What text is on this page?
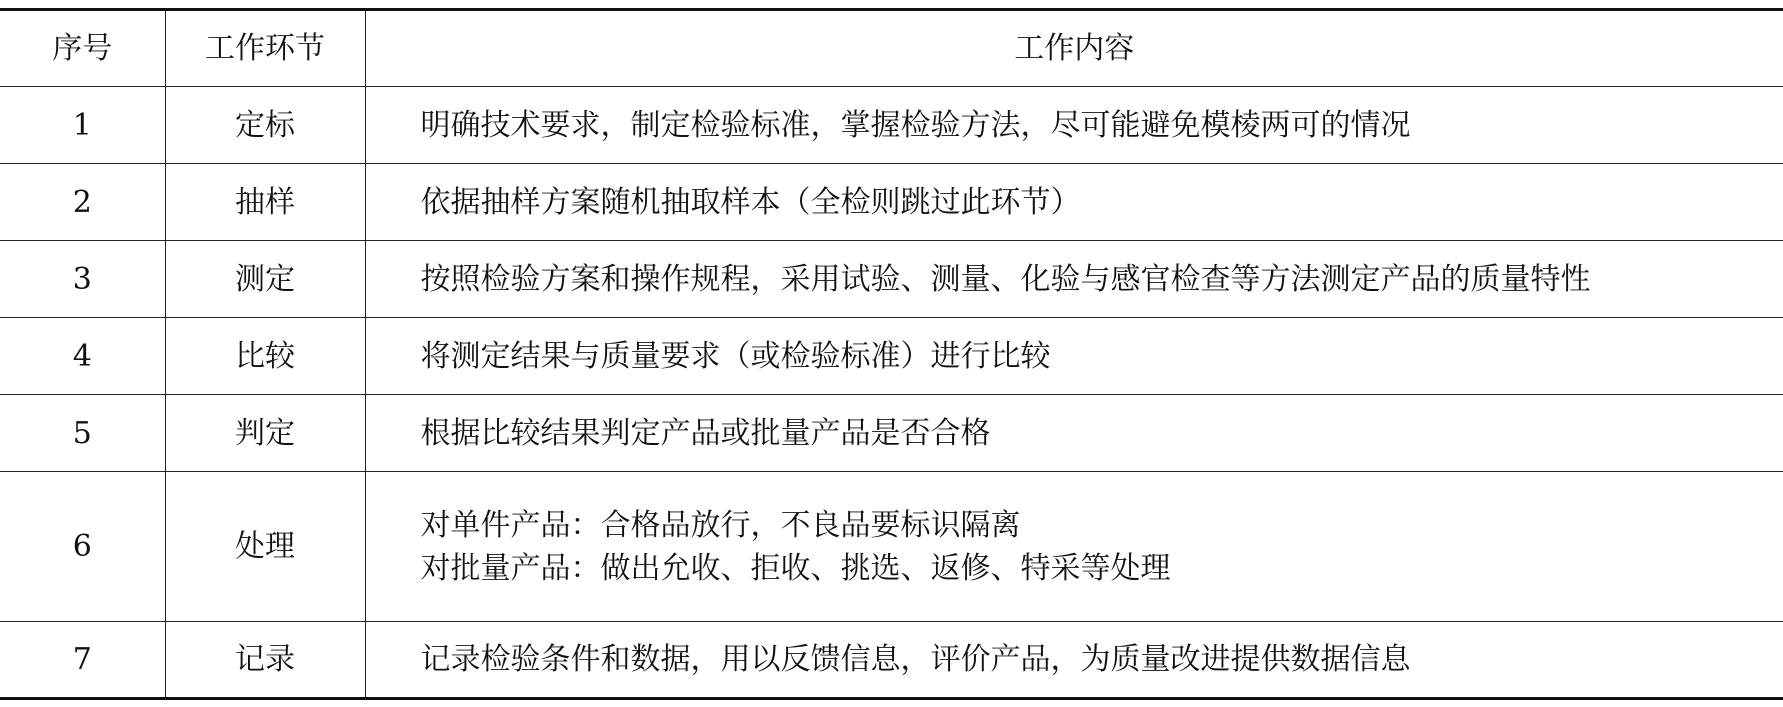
序号	工作环节	工作内容
1	定标	明确技术要求，制定检验标准，掌握检验方法，尽可能避免模棱两可的情况

2	抽样	依据抽样方案随机抽取样本（全检则跳过此环节）

3	测定	按照检验方案和操作规程，采用试验、测量、化验与感官检查等方法测定产品的质量特性

4	比较	将测定结果与质量要求（或检验标准）进行比较

5	判定	根据比较结果判定产品或批量产品是否合格

6	处理	对单件产品：合格品放行，不良品要标识隔离
对批量产品：做出允收、拒收、挑选、返修、特采等处理

7	记录	记录检验条件和数据，用以反馈信息，评价产品，为质量改进提供数据信息
